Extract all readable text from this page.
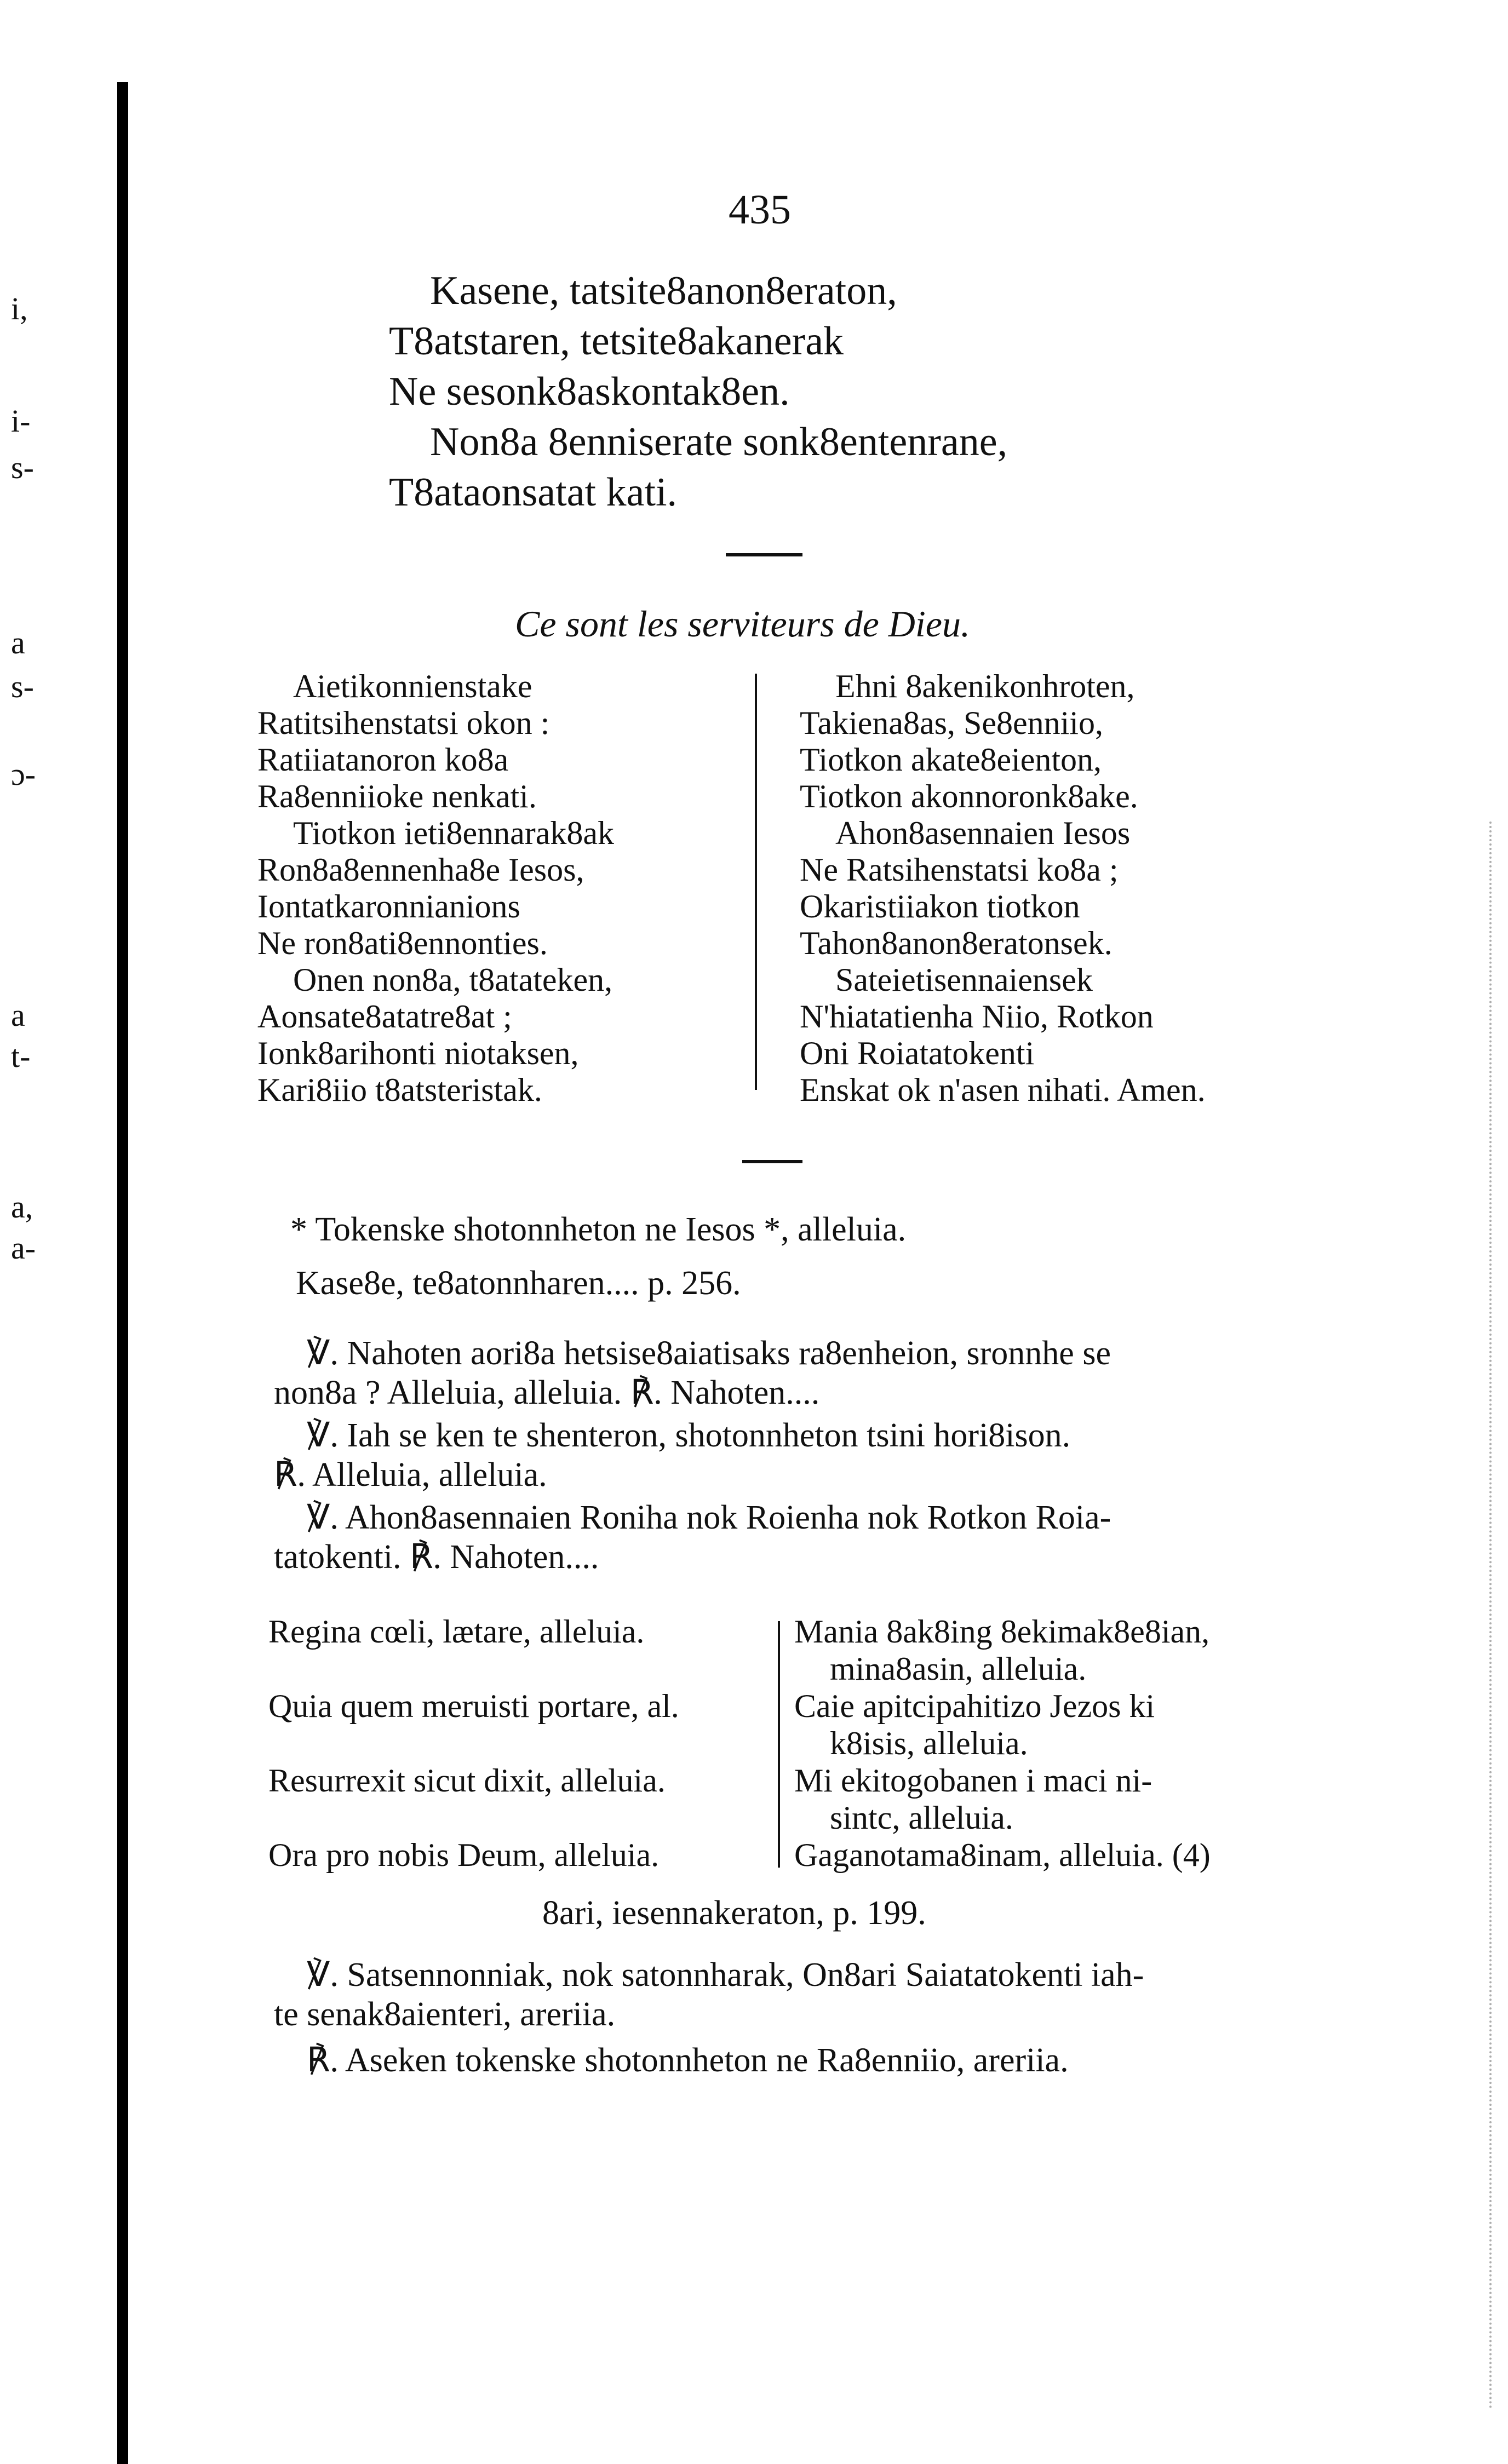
i,
i-
s-
a
s-
ɔ-
a
t-
a,
a-
435
Kasene, tatsite8anon8eraton,
T8atstaren, tetsite8akanerak
Ne sesonk8askontak8en.
Non8a 8enniserate sonk8entenrane,
T8ataonsatat kati.
Ce sont les serviteurs de Dieu.
Aietikonnienstake
Ratitsihenstatsi okon :
Ratiiatanoron ko8a
Ra8enniioke nenkati.
Tiotkon ieti8ennarak8ak
Ron8a8ennenha8e Iesos,
Iontatkaronnianions
Ne ron8ati8ennonties.
Onen non8a, t8atateken,
Aonsate8atatre8at ;
Ionk8arihonti niotaksen,
Kari8iio t8atsteristak.
Ehni 8akenikonhroten,
Takiena8as, Se8enniio,
Tiotkon akate8eienton,
Tiotkon akonnoronk8ake.
Ahon8asennaien Iesos
Ne Ratsihenstatsi ko8a ;
Okaristiiakon tiotkon
Tahon8anon8eratonsek.
Sateietisennaiensek
N'hiatatienha Niio, Rotkon
Oni Roiatatokenti
Enskat ok n'asen nihati. Amen.
* Tokenske shotonnheton ne Iesos *, alleluia.
Kase8e, te8atonnharen.... p. 256.
℣. Nahoten aori8a hetsise8aiatisaks ra8enheion, sronnhe se
non8a ? Alleluia, alleluia. ℟. Nahoten....
℣. Iah se ken te shenteron, shotonnheton tsini hori8ison.
℟. Alleluia, alleluia.
℣. Ahon8asennaien Roniha nok Roienha nok Rotkon Roia-
tatokenti. ℟. Nahoten....
Regina cœli, lætare, alleluia.
Quia quem meruisti portare, al.
Resurrexit sicut dixit, alleluia.
Ora pro nobis Deum, alleluia.
Mania 8ak8ing 8ekimak8e8ian,
mina8asin, alleluia.
Caie apitcipahitizo Jezos ki
k8isis, alleluia.
Mi ekitogobanen i maci ni-
sintc, alleluia.
Gaganotama8inam, alleluia. (4)
8ari, iesennakeraton, p. 199.
℣. Satsennonniak, nok satonnharak, On8ari Saiatatokenti iah-
te senak8aienteri, areriia.
℟. Aseken tokenske shotonnheton ne Ra8enniio, areriia.
